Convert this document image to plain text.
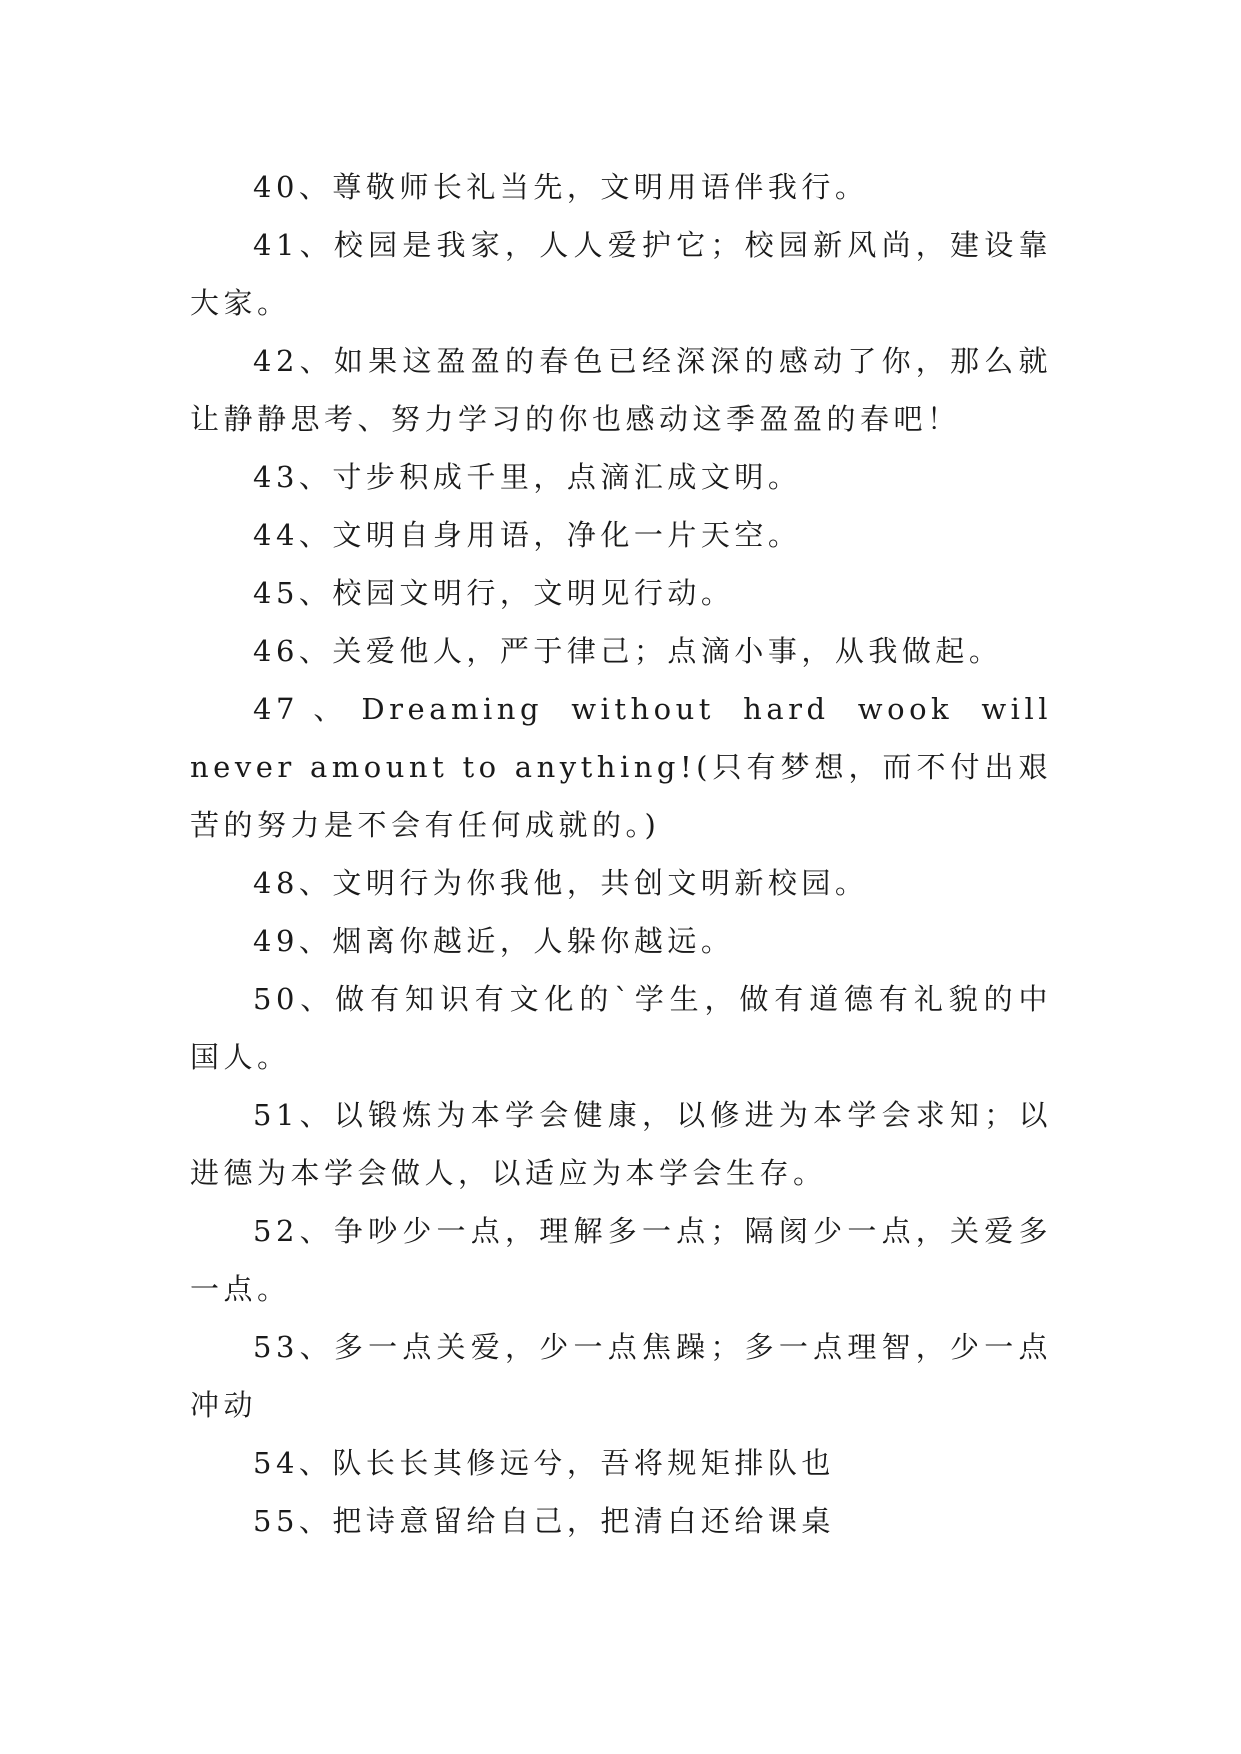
40、尊敬师长礼当先，文明用语伴我行。

41、校园是我家，人人爱护它；校园新风尚，建设靠大家。

42、如果这盈盈的春色已经深深的感动了你，那么就让静静思考、努力学习的你也感动这季盈盈的春吧！

43、寸步积成千里，点滴汇成文明。

44、文明自身用语，净化一片天空。

45、校园文明行，文明见行动。

46、关爱他人，严于律己；点滴小事，从我做起。

47、Dreaming without hard wook will never amount to anything!(只有梦想，而不付出艰苦的努力是不会有任何成就的。)

48、文明行为你我他，共创文明新校园。

49、烟离你越近，人躲你越远。

50、做有知识有文化的`学生，做有道德有礼貌的中国人。

51、以锻炼为本学会健康，以修进为本学会求知；以进德为本学会做人，以适应为本学会生存。

52、争吵少一点，理解多一点；隔阂少一点，关爱多一点。

53、多一点关爱，少一点焦躁；多一点理智，少一点冲动

54、队长长其修远兮，吾将规矩排队也

55、把诗意留给自己，把清白还给课桌
